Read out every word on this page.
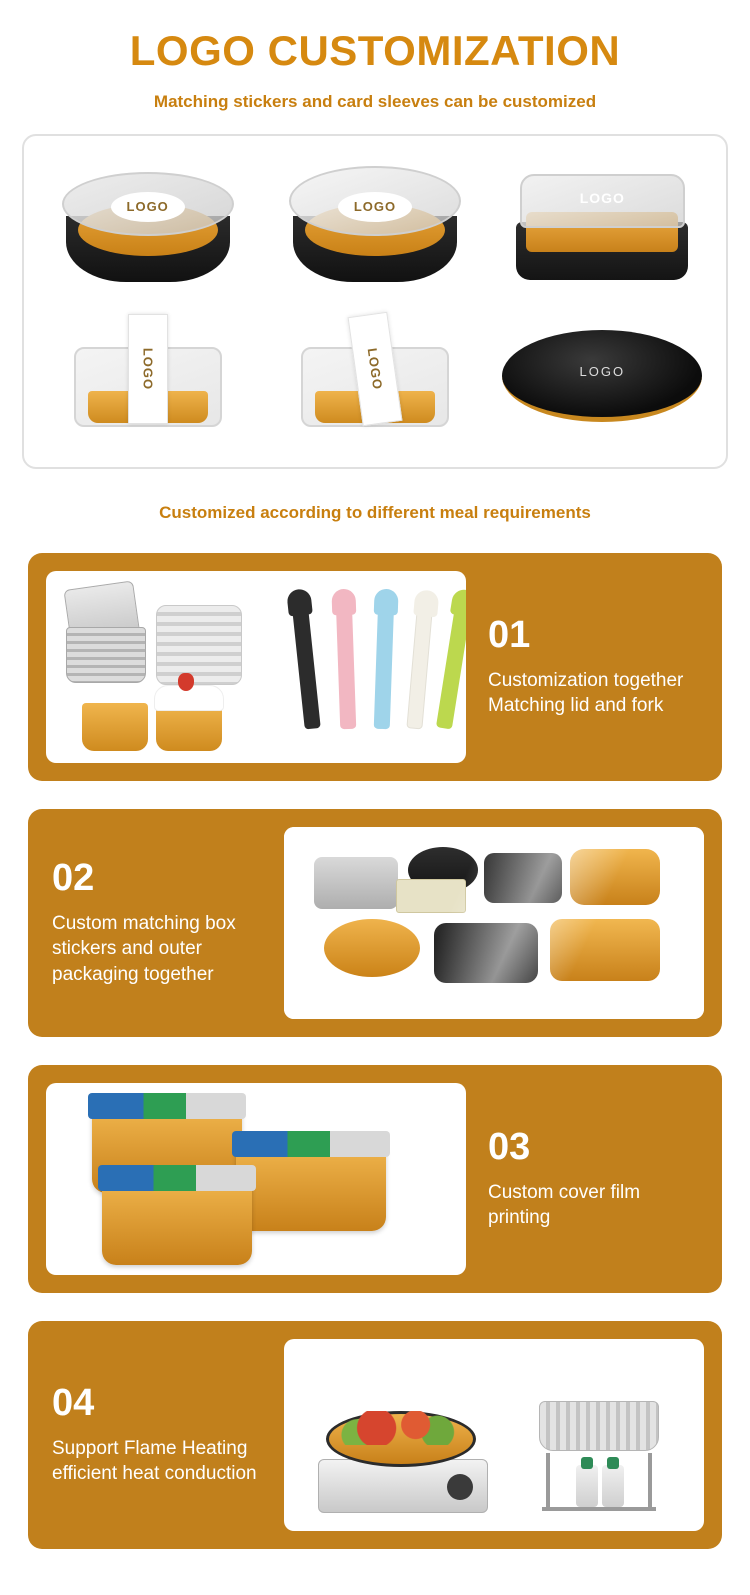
LOGO CUSTOMIZATION
Matching stickers and card sleeves can be customized
LOGO	LOGO
LOGO
LOGO	LOGO	LOGO
Customized according to different meal requirements
01
Customization together Matching lid and fork
02
Custom matching box stickers and outer packaging together
03
Custom cover film printing
04
Support Flame Heating efficient heat conduction
